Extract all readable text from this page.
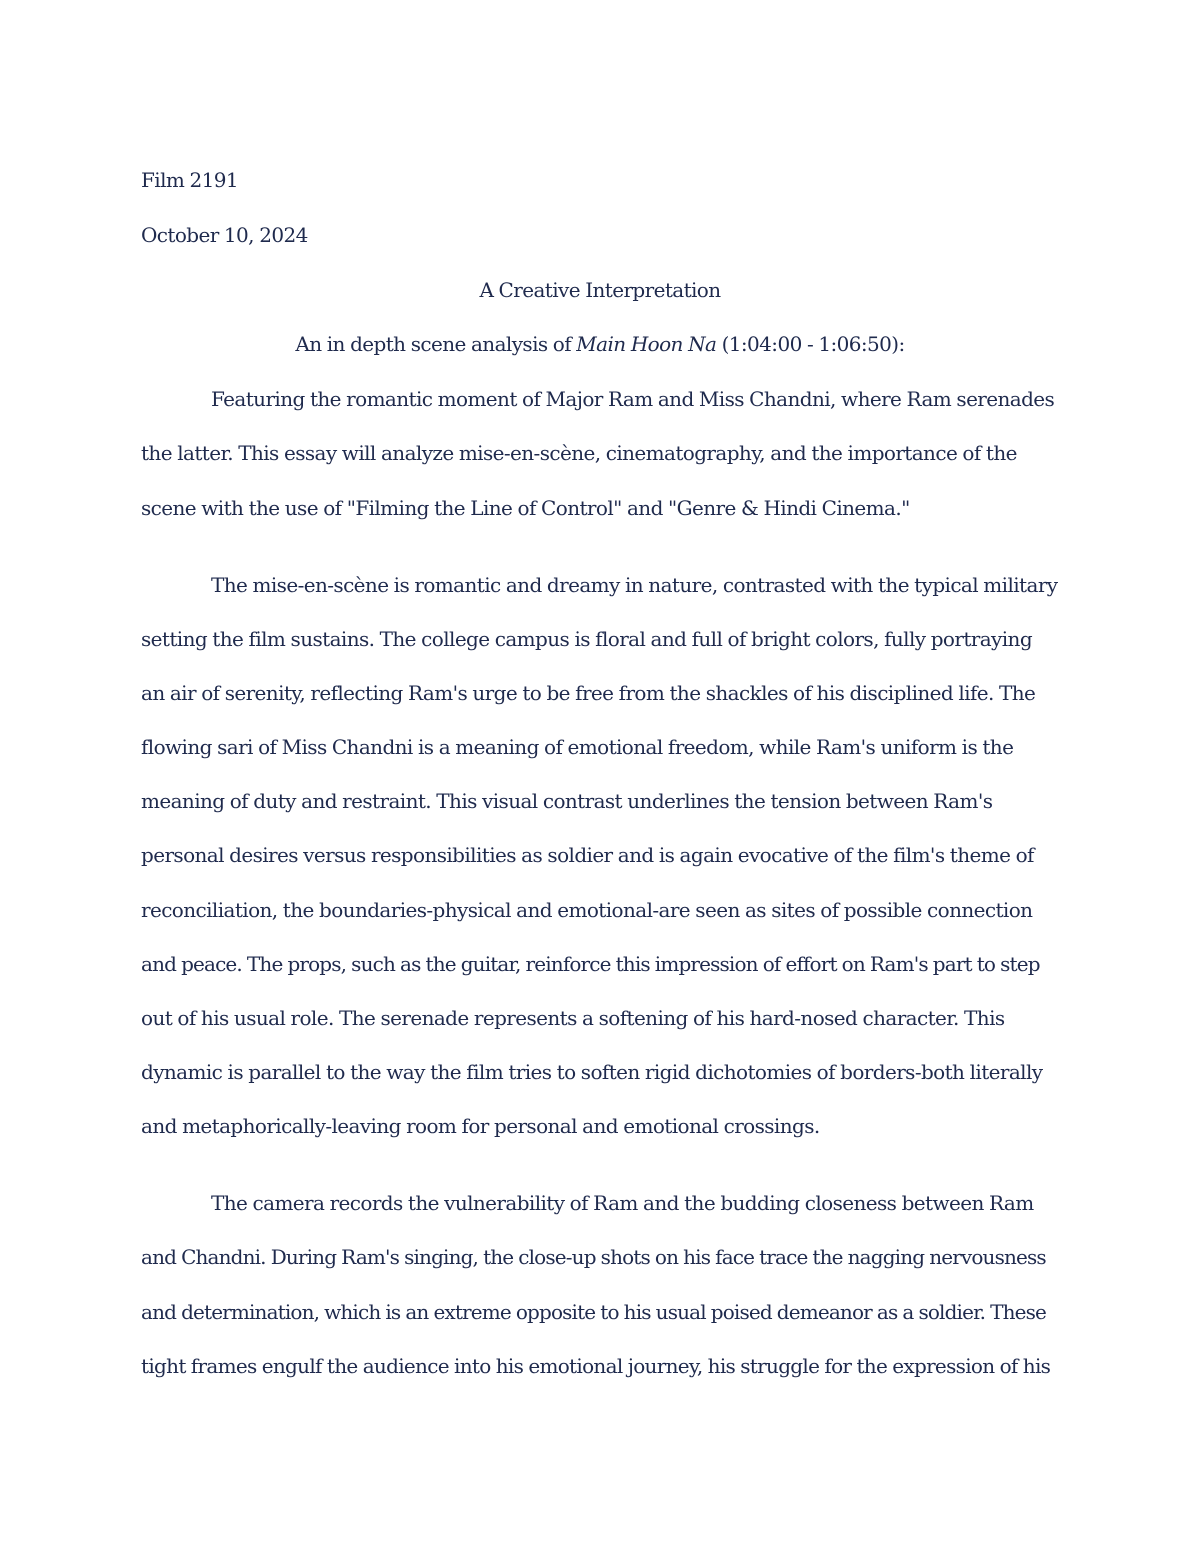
Film 2191
October 10, 2024
A Creative Interpretation
An in depth scene analysis of Main Hoon Na (1:04:00 - 1:06:50):
Featuring the romantic moment of Major Ram and Miss Chandni, where Ram serenades
the latter. This essay will analyze mise-en-scène, cinematography, and the importance of the
scene with the use of "Filming the Line of Control" and "Genre & Hindi Cinema."
The mise-en-scène is romantic and dreamy in nature, contrasted with the typical military
setting the film sustains. The college campus is floral and full of bright colors, fully portraying
an air of serenity, reflecting Ram's urge to be free from the shackles of his disciplined life. The
flowing sari of Miss Chandni is a meaning of emotional freedom, while Ram's uniform is the
meaning of duty and restraint. This visual contrast underlines the tension between Ram's
personal desires versus responsibilities as soldier and is again evocative of the film's theme of
reconciliation, the boundaries-physical and emotional-are seen as sites of possible connection
and peace. The props, such as the guitar, reinforce this impression of effort on Ram's part to step
out of his usual role. The serenade represents a softening of his hard-nosed character. This
dynamic is parallel to the way the film tries to soften rigid dichotomies of borders-both literally
and metaphorically-leaving room for personal and emotional crossings.
The camera records the vulnerability of Ram and the budding closeness between Ram
and Chandni. During Ram's singing, the close-up shots on his face trace the nagging nervousness
and determination, which is an extreme opposite to his usual poised demeanor as a soldier. These
tight frames engulf the audience into his emotional journey, his struggle for the expression of his
